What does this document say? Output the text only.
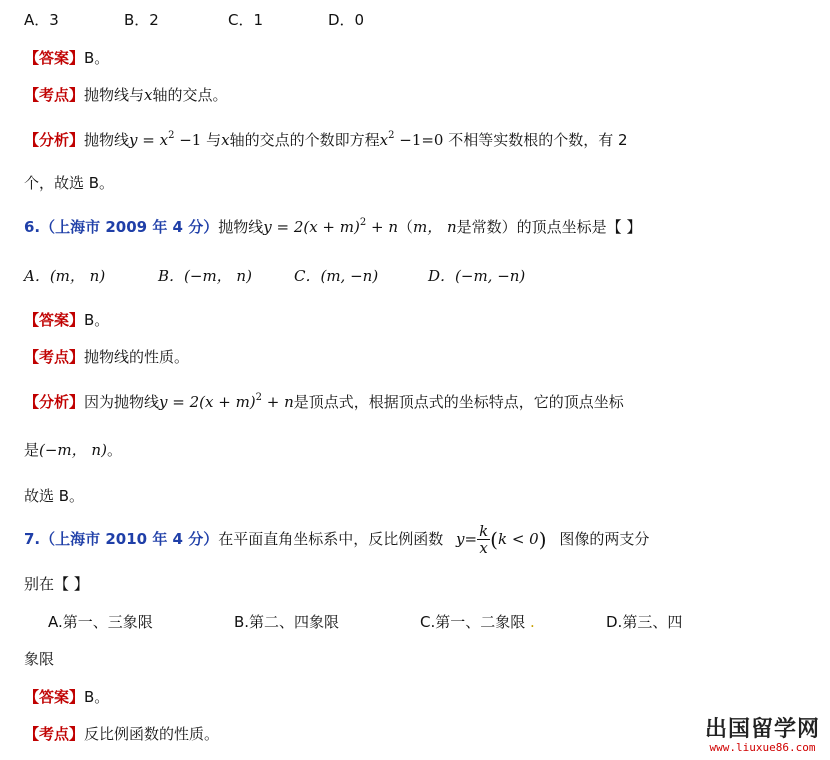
A．3	B．2	C．1	D．0
【答案】B。
【考点】抛物线与x轴的交点。
【分析】抛物线$y = x^2 -1$ 与x轴的交点的个数即方程$x^2 -1=0$ 不相等实数根的个数，有 2
个，故选 B。
6.（上海市 2009 年 4 分）抛物线$y = 2(x + m)^2 + n(m$， n是常数）的顶点坐标是【 】
A．(m， n)	B．(−m， n)	C．(m, −n)	D．(−m, −n)
【答案】B。
【考点】抛物线的性质。
【分析】因为抛物线$y = 2(x + m)^2 + n$是顶点式，根据顶点式的坐标特点，它的顶点坐标
是(−m， n)。
故选 B。
7.（上海市 2010 年 4 分）在平面直角坐标系中，反比例函数 $y= \frac{k}{x} (k < 0)$ 图像的两支分
别在【 】
A.第一、三象限	B.第二、四象限	C.第一、二象限 .	D.第三、四
象限
【答案】B。
【考点】反比例函数的性质。	出国留学网
www.liuxue86.com
